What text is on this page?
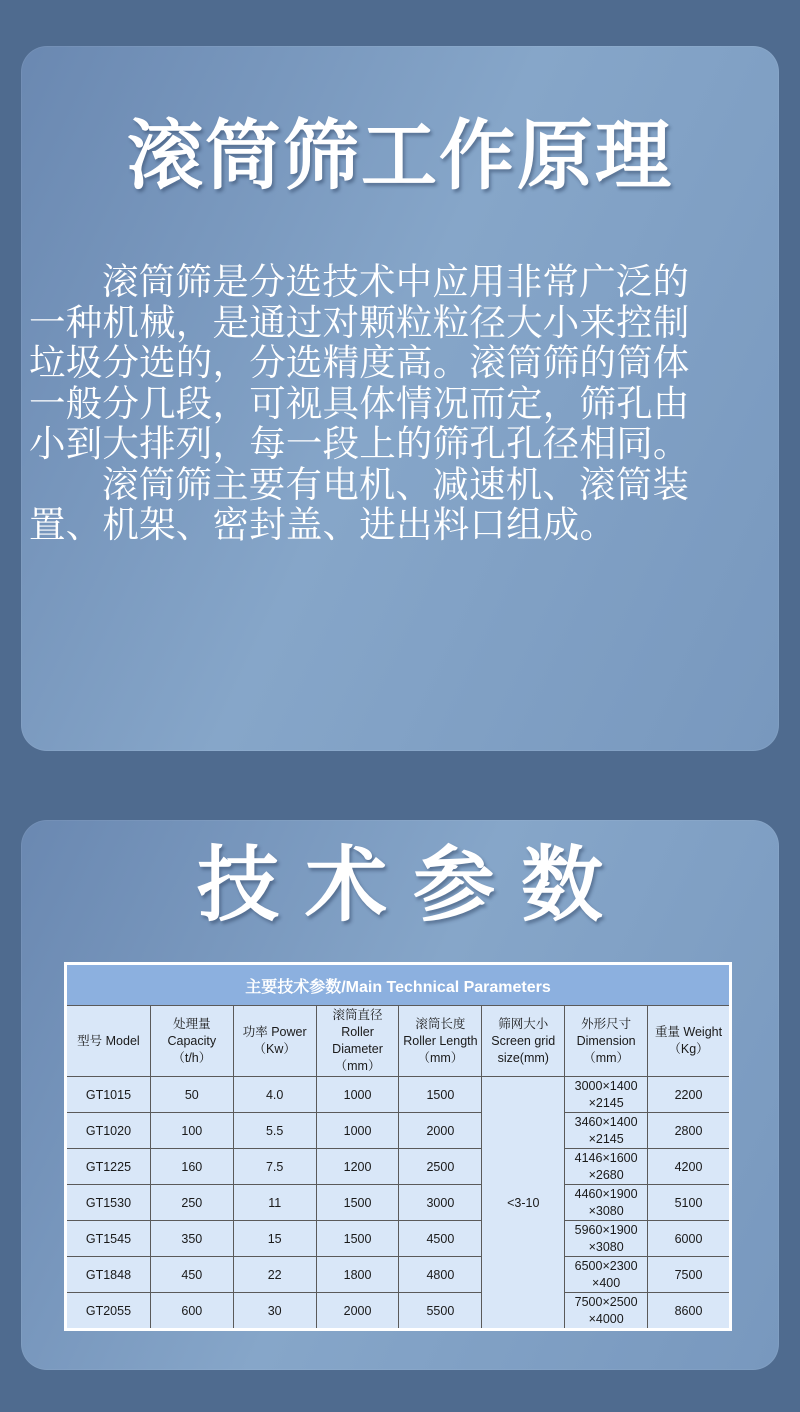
滚筒筛工作原理

滚筒筛是分选技术中应用非常广泛的一种机械，是通过对颗粒粒径大小来控制垃圾分选的，分选精度高。滚筒筛的筒体一般分几段，可视具体情况而定，筛孔由小到大排列，每一段上的筛孔孔径相同。

滚筒筛主要有电机、减速机、滚筒装置、机架、密封盖、进出料口组成。

技术参数
主要技术参数/Main Technical Parameters							
型号 Model	处理量 Capacity （t/h）	功率 Power （Kw）	滚筒直径 Roller Diameter （mm）	滚筒长度 Roller Length （mm）	筛网大小 Screen grid size(mm)	外形尺寸 Dimension （mm）	重量 Weight （Kg）
GT1015	50	4.0	1000	1500	<3-10	3000×1400 ×2145	2200
GT1020	100	5.5	1000	2000		3460×1400 ×2145	2800
GT1225	160	7.5	1200	2500		4146×1600 ×2680	4200
GT1530	250	11	1500	3000		4460×1900 ×3080	5100
GT1545	350	15	1500	4500		5960×1900 ×3080	6000
GT1848	450	22	1800	4800		6500×2300 ×400	7500
GT2055	600	30	2000	5500		7500×2500 ×4000	8600
